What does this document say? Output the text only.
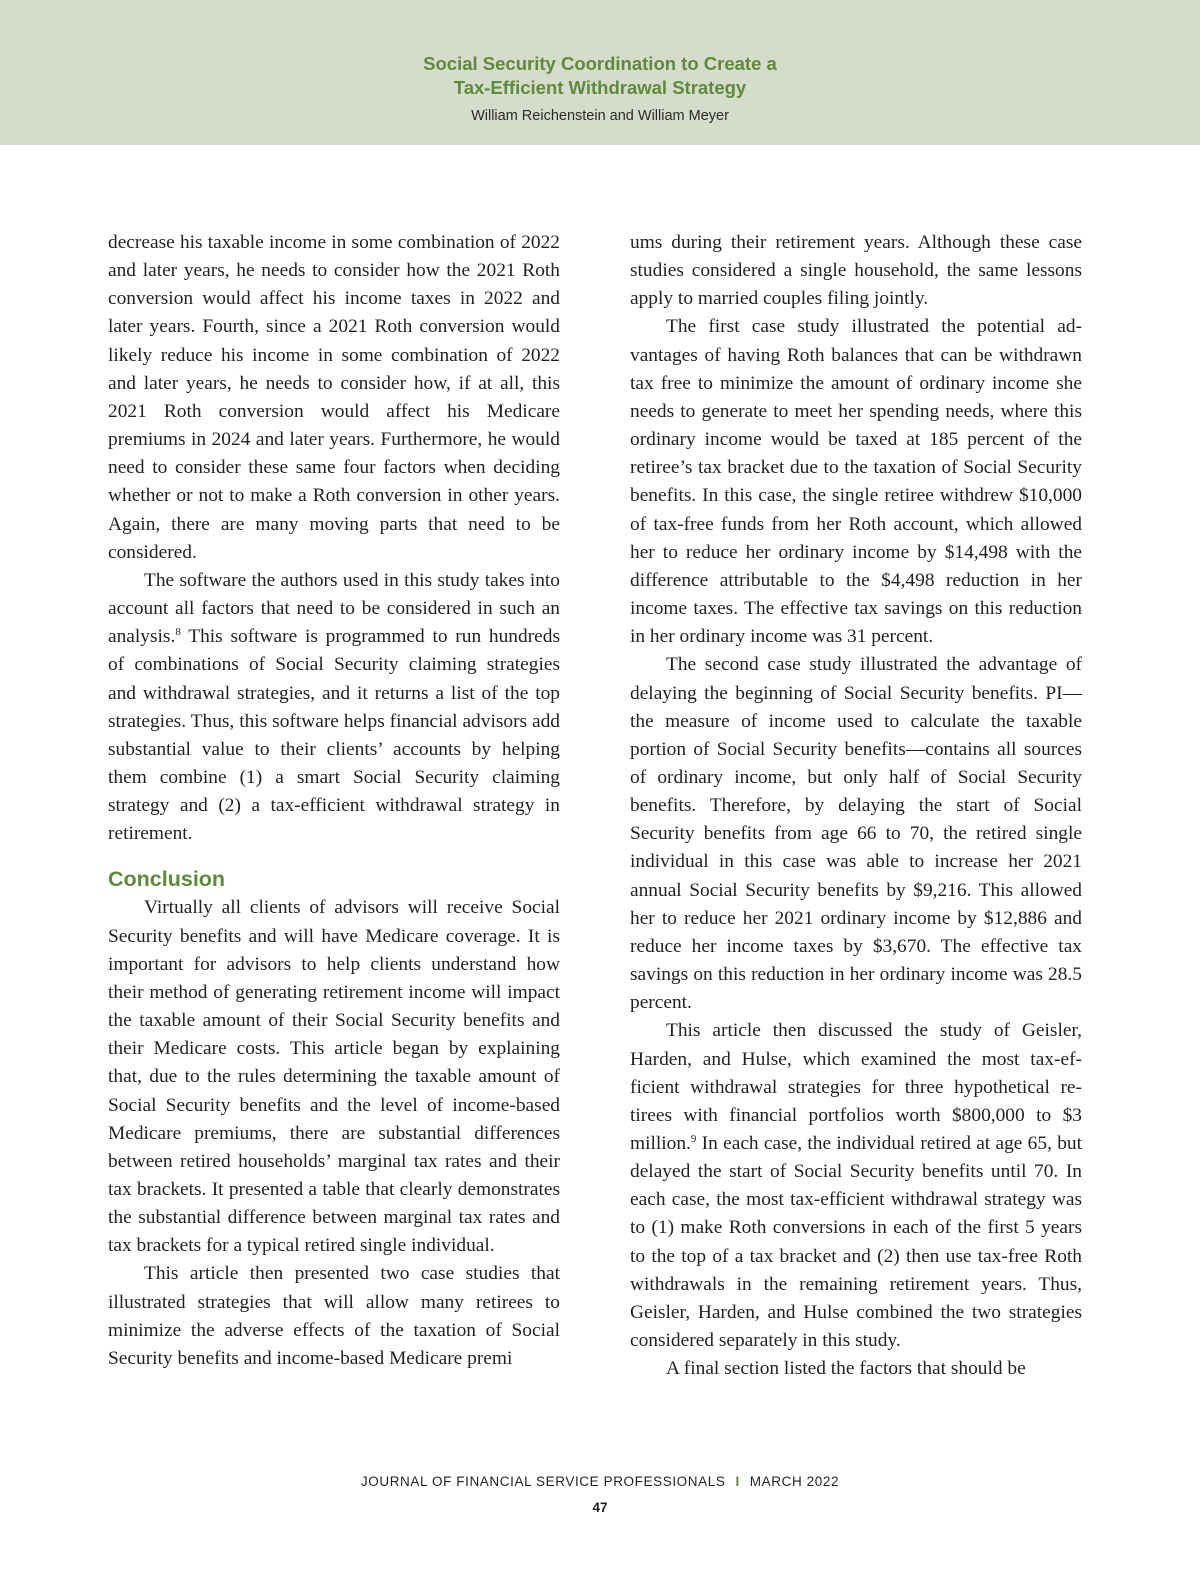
Social Security Coordination to Create a
Tax-Efficient Withdrawal Strategy
William Reichenstein and William Meyer

decrease his taxable income in some combination of 2022 and later years, he needs to consider how the 2021 Roth conversion would affect his income taxes in 2022 and later years. Fourth, since a 2021 Roth conversion would likely reduce his income in some combination of 2022 and later years, he needs to consider how, if at all, this 2021 Roth conversion would affect his Medicare premiums in 2024 and later years. Furthermore, he would need to consider these same four factors when deciding whether or not to make a Roth conversion in other years. Again, there are many moving parts that need to be considered.

The software the authors used in this study takes into account all factors that need to be considered in such an analysis.$^8$ This software is programmed to run hundreds of combinations of Social Security claiming strategies and withdrawal strategies, and it returns a list of the top strategies. Thus, this software helps financial advisors add substantial value to their clients’ accounts by helping them combine (1) a smart Social Security claiming strategy and (2) a tax-efficient withdrawal strategy in retirement.

Conclusion

Virtually all clients of advisors will receive Social Security benefits and will have Medicare coverage. It is important for advisors to help clients understand how their method of generating retirement income will impact the taxable amount of their Social Security benefits and their Medicare costs. This article began by explaining that, due to the rules determining the taxable amount of Social Security benefits and the level of income-based Medicare premiums, there are substantial differences between retired households’ marginal tax rates and their tax brackets. It presented a table that clearly demonstrates the substantial difference between marginal tax rates and tax brackets for a typical retired single individual.

This article then presented two case studies that illustrated strategies that will allow many retirees to minimize the adverse effects of the taxation of Social Security benefits and income-based Medicare premi

ums during their retirement years. Although these case studies considered a single household, the same lessons apply to married couples filing jointly.

The first case study illustrated the potential advantages of having Roth balances that can be withdrawn tax free to minimize the amount of ordinary income she needs to generate to meet her spending needs, where this ordinary income would be taxed at 185 percent of the retiree’s tax bracket due to the taxation of Social Security benefits. In this case, the single retiree withdrew $10,000 of tax-free funds from her Roth account, which allowed her to reduce her ordinary income by $14,498 with the difference attributable to the $4,498 reduction in her income taxes. The effective tax savings on this reduction in her ordinary income was 31 percent.

The second case study illustrated the advantage of delaying the beginning of Social Security benefits. PI—the measure of income used to calculate the taxable portion of Social Security benefits—contains all sources of ordinary income, but only half of Social Security benefits. Therefore, by delaying the start of Social Security benefits from age 66 to 70, the retired single individual in this case was able to increase her 2021 annual Social Security benefits by $9,216. This allowed her to reduce her 2021 ordinary income by $12,886 and reduce her income taxes by $3,670. The effective tax savings on this reduction in her ordinary income was 28.5 percent.

This article then discussed the study of Geisler, Harden, and Hulse, which examined the most tax-efficient withdrawal strategies for three hypothetical retirees with financial portfolios worth $800,000 to $3 million.$^9$ In each case, the individual retired at age 65, but delayed the start of Social Security benefits until 70. In each case, the most tax-efficient withdrawal strategy was to (1) make Roth conversions in each of the first 5 years to the top of a tax bracket and (2) then use tax-free Roth withdrawals in the remaining retirement years. Thus, Geisler, Harden, and Hulse combined the two strategies considered separately in this study.

A final section listed the factors that should be

JOURNAL OF FINANCIAL SERVICE PROFESSIONALS I MARCH 2022
47
